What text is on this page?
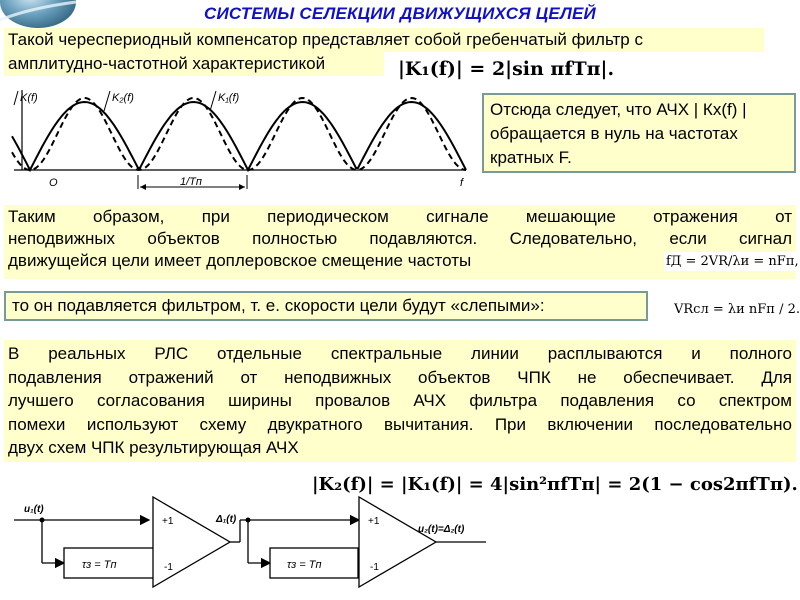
СИСТЕМЫ СЕЛЕКЦИИ ДВИЖУЩИХСЯ ЦЕЛЕЙ
Такой череспериодный компенсатор представляет собой гребенчатый фильтр с
амплитудно-частотной характеристикой	|K₁(f)| = 2|sin πfTп|.
K(f)	K₂(f)	K₁(f)
O	f
1/Tп
Отсюда следует, что АЧХ | Кх(f) | обращается в нуль на частотах кратных F.
Таким образом, при периодическом сигнале мешающие отражения от
неподвижных объектов полностью подавляются. Следовательно, если сигнал
движущейся цели имеет доплеровское смещение частоты	fД = 2VR/λи = nFп,
то он подавляется фильтром, т. е. скорости цели будут «слепыми»:	VRсл = λи nFп / 2.
В реальных РЛС отдельные спектральные линии расплываются и полного
подавления отражений от неподвижных объектов ЧПК не обеспечивает. Для
лучшего согласования ширины провалов АЧХ фильтра подавления со спектром
помехи используют схему двукратного вычитания. При включении последовательно
двух схем ЧПК результирующая АЧХ
|K₂(f)| = |K₁(f)| = 4|sin²πfTп| = 2(1 − cos2πfTп).
u₁(t)
τз = Tп
+1
-1
Δ₁(t)
τз = Tп
+1
-1
u₂(t)=Δ₂(t)
